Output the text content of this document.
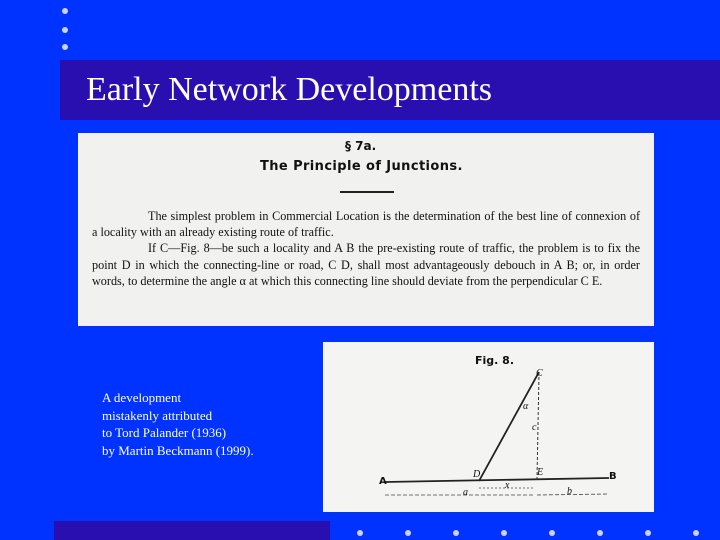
Early Network Developments
§ 7a.
The Principle of Junctions.

The simplest problem in Commercial Location is the determination of the best line of connexion of a locality with an already existing route of traffic.

If C—Fig. 8—be such a locality and A B the pre-existing route of traffic, the problem is to fix the point D in which the connecting-line or road, C D, shall most advantageously debouch in A B; or, in order words, to determine the angle α at which this connecting line should deviate from the perpendicular C E.

Fig. 8.
C
α
c
A	B
D	E
x
a	b
A development
mistakenly attributed
to Tord Palander (1936)
by Martin Beckmann (1999).
